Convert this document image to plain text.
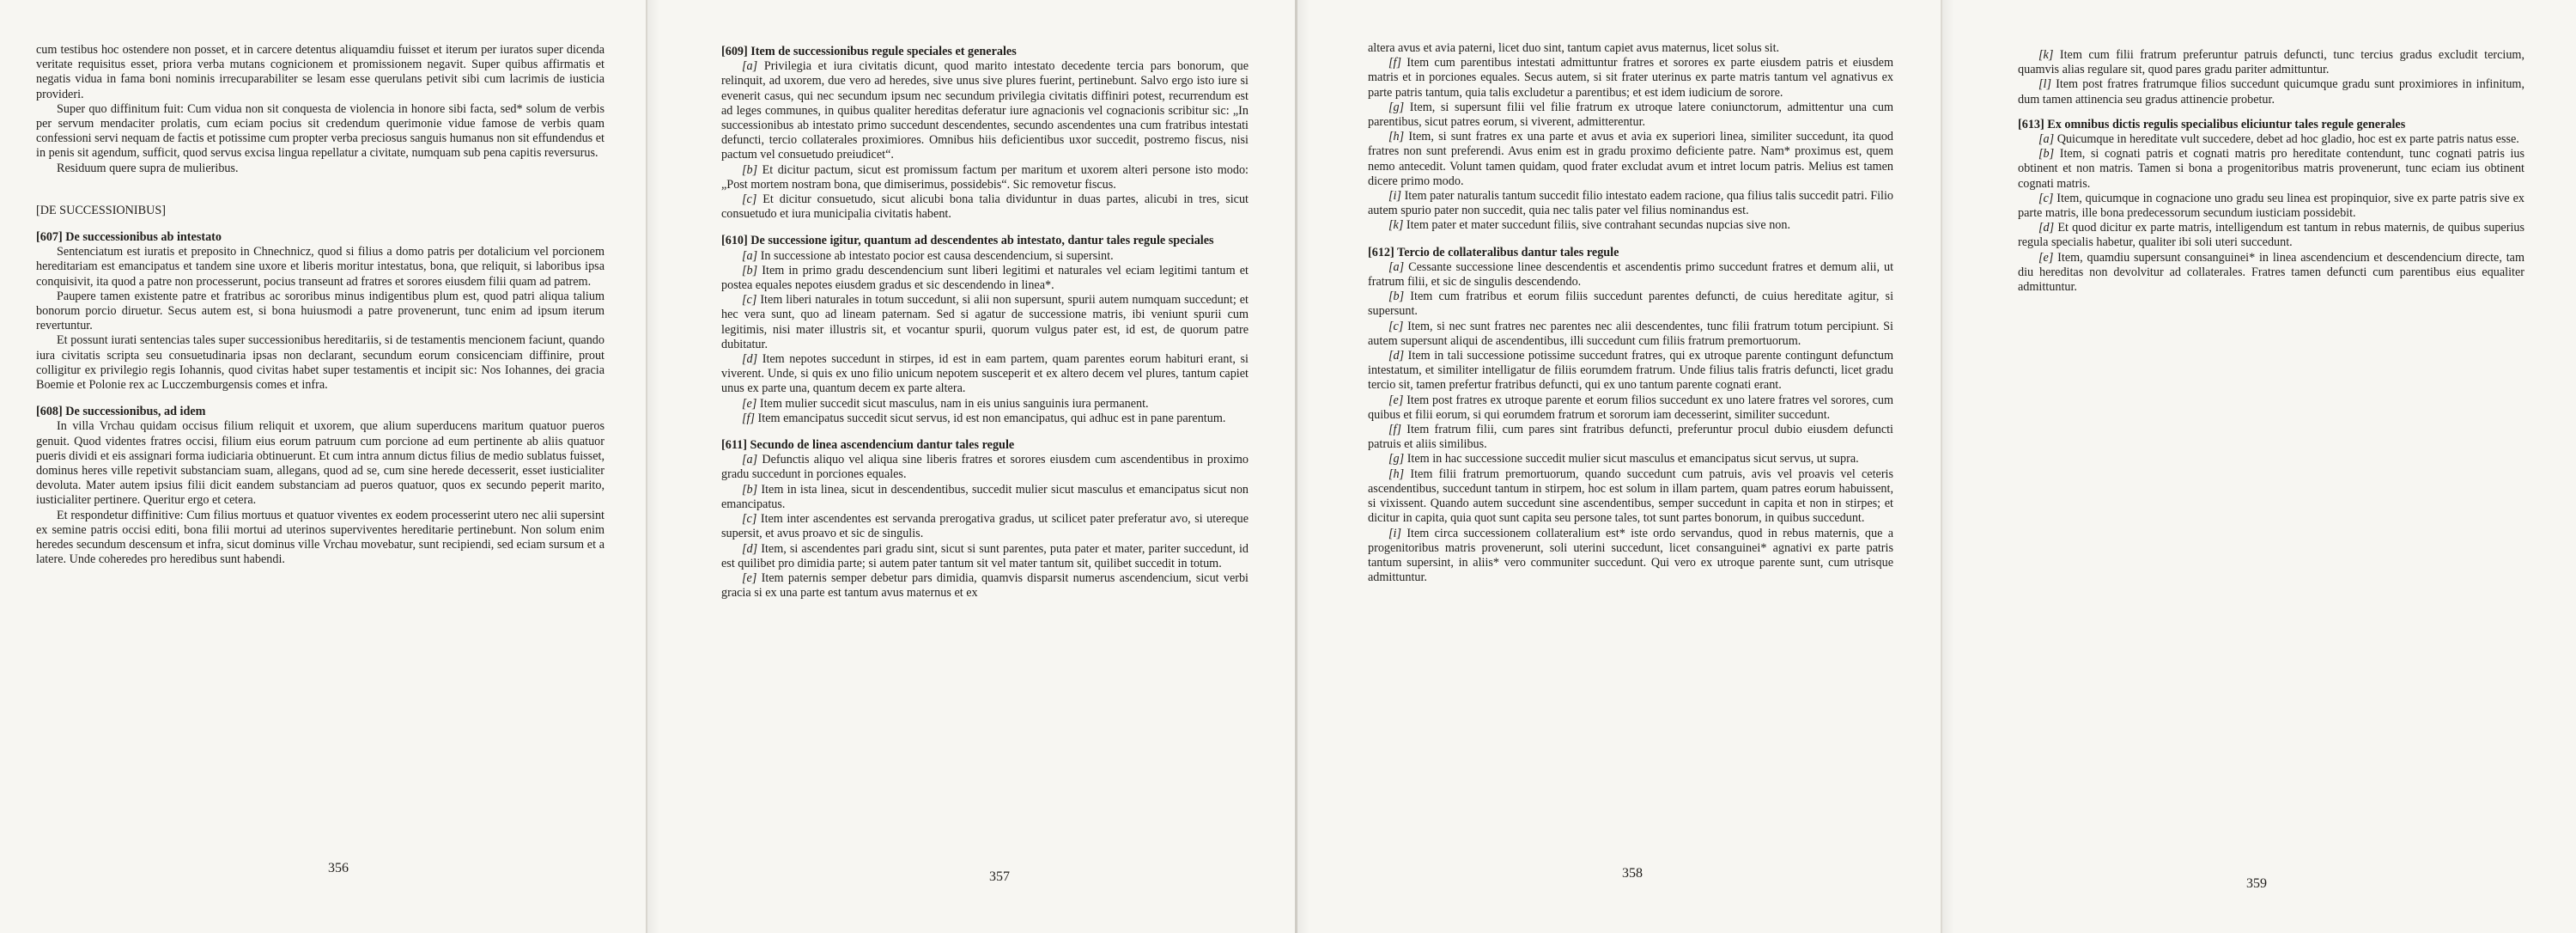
cum testibus hoc ostendere non posset, et in carcere detentus aliquamdiu fuisset et iterum per iuratos super dicenda veritate requisitus esset, priora verba mutans cognicionem et promissionem negavit. Super quibus affirmatis et negatis vidua in fama boni nominis irrecuparabiliter se lesam esse querulans petivit sibi cum lacrimis de iusticia provideri.

Super quo diffinitum fuit: Cum vidua non sit conquesta de violencia in honore sibi facta, sed* solum de verbis per servum mendaciter prolatis, cum eciam pocius sit credendum querimonie vidue famose de verbis quam confessioni servi nequam de factis et potissime cum propter verba preciosus sanguis humanus non sit effundendus et in penis sit agendum, sufficit, quod servus excisa lingua repellatur a civitate, numquam sub pena capitis reversurus.

Residuum quere supra de mulieribus.

[DE SUCCESSIONIBUS]

[607] De successionibus ab intestato

Sentenciatum est iuratis et preposito in Chnechnicz, quod si filius a domo patris per dotalicium vel porcionem hereditariam est emancipatus et tandem sine uxore et liberis moritur intestatus, bona, que reliquit, si laboribus ipsa conquisivit, ita quod a patre non processerunt, pocius transeunt ad fratres et sorores eiusdem filii quam ad patrem.

Paupere tamen existente patre et fratribus ac sororibus minus indigentibus plum est, quod patri aliqua talium bonorum porcio diruetur. Secus autem est, si bona huiusmodi a patre provenerunt, tunc enim ad ipsum iterum revertuntur.

Et possunt iurati sentencias tales super successionibus hereditariis, si de testamentis mencionem faciunt, quando iura civitatis scripta seu consuetudinaria ipsas non declarant, secundum eorum consicenciam diffinire, prout colligitur ex privilegio regis Iohannis, quod civitas habet super testamentis et incipit sic: Nos Iohannes, dei gracia Boemie et Polonie rex ac Lucczemburgensis comes et infra.

[608] De successionibus, ad idem

In villa Vrchau quidam occisus filium reliquit et uxorem, que alium superducens maritum quatuor pueros genuit. Quod videntes fratres occisi, filium eius eorum patruum cum porcione ad eum pertinente ab aliis quatuor pueris dividi et eis assignari forma iudiciaria obtinuerunt. Et cum intra annum dictus filius de medio sublatus fuisset, dominus heres ville repetivit substanciam suam, allegans, quod ad se, cum sine herede decesserit, esset iusticialiter devoluta. Mater autem ipsius filii dicit eandem substanciam ad pueros quatuor, quos ex secundo peperit marito, iusticialiter pertinere. Queritur ergo et cetera.

Et respondetur diffinitive: Cum filius mortuus et quatuor viventes ex eodem processerint utero nec alii supersint ex semine patris occisi editi, bona filii mortui ad uterinos superviventes hereditarie pertinebunt. Non solum enim heredes secundum descensum et infra, sicut dominus ville Vrchau movebatur, sunt recipiendi, sed eciam sursum et a latere. Unde coheredes pro heredibus sunt habendi.

356

[609] Item de successionibus regule speciales et generales

[a] Privilegia et iura civitatis dicunt, quod marito intestato decedente tercia pars bonorum, que relinquit, ad uxorem, due vero ad heredes, sive unus sive plures fuerint, pertinebunt. Salvo ergo isto iure si evenerit casus, qui nec secundum ipsum nec secundum privilegia civitatis diffiniri potest, recurrendum est ad leges communes, in quibus qualiter hereditas deferatur iure agnacionis vel cognacionis scribitur sic: „In successionibus ab intestato primo succedunt descendentes, secundo ascendentes una cum fratribus intestati defuncti, tercio collaterales proximiores. Omnibus hiis deficientibus uxor succedit, postremo fiscus, nisi pactum vel consuetudo preiudicet“.

[b] Et dicitur pactum, sicut est promissum factum per maritum et uxorem alteri persone isto modo: „Post mortem nostram bona, que dimiserimus, possidebis“. Sic removetur fiscus.

[c] Et dicitur consuetudo, sicut alicubi bona talia dividuntur in duas partes, alicubi in tres, sicut consuetudo et iura municipalia civitatis habent.

[610] De successione igitur, quantum ad descendentes ab intestato, dantur tales regule speciales

[a] In successione ab intestato pocior est causa descendencium, si supersint.

[b] Item in primo gradu descendencium sunt liberi legitimi et naturales vel eciam legitimi tantum et postea equales nepotes eiusdem gradus et sic descendendo in linea*.

[c] Item liberi naturales in totum succedunt, si alii non supersunt, spurii autem numquam succedunt; et hec vera sunt, quo ad lineam paternam. Sed si agatur de successione matris, ibi veniunt spurii cum legitimis, nisi mater illustris sit, et vocantur spurii, quorum vulgus pater est, id est, de quorum patre dubitatur.

[d] Item nepotes succedunt in stirpes, id est in eam partem, quam parentes eorum habituri erant, si viverent. Unde, si quis ex uno filio unicum nepotem susceperit et ex altero decem vel plures, tantum capiet unus ex parte una, quantum decem ex parte altera.

[e] Item mulier succedit sicut masculus, nam in eis unius sanguinis iura permanent.

[f] Item emancipatus succedit sicut servus, id est non emancipatus, qui adhuc est in pane parentum.

[611] Secundo de linea ascendencium dantur tales regule

[a] Defunctis aliquo vel aliqua sine liberis fratres et sorores eiusdem cum ascendentibus in proximo gradu succedunt in porciones equales.

[b] Item in ista linea, sicut in descendentibus, succedit mulier sicut masculus et emancipatus sicut non emancipatus.

[c] Item inter ascendentes est servanda prerogativa gradus, ut scilicet pater preferatur avo, si utereque supersit, et avus proavo et sic de singulis.

[d] Item, si ascendentes pari gradu sint, sicut si sunt parentes, puta pater et mater, pariter succedunt, id est quilibet pro dimidia parte; si autem pater tantum sit vel mater tantum sit, quilibet succedit in totum.

[e] Item paternis semper debetur pars dimidia, quamvis disparsit numerus ascendencium, sicut verbi gracia si ex una parte est tantum avus maternus et ex

357

altera avus et avia paterni, licet duo sint, tantum capiet avus maternus, licet solus sit.

[f] Item cum parentibus intestati admittuntur fratres et sorores ex parte eiusdem patris et eiusdem matris et in porciones equales. Secus autem, si sit frater uterinus ex parte matris tantum vel agnativus ex parte patris tantum, quia talis excludetur a parentibus; et est idem iudicium de sorore.

[g] Item, si supersunt filii vel filie fratrum ex utroque latere coniunctorum, admittentur una cum parentibus, sicut patres eorum, si viverent, admitterentur.

[h] Item, si sunt fratres ex una parte et avus et avia ex superiori linea, similiter succedunt, ita quod fratres non sunt preferendi. Avus enim est in gradu proximo deficiente patre. Nam* proximus est, quem nemo antecedit. Volunt tamen quidam, quod frater excludat avum et intret locum patris. Melius est tamen dicere primo modo.

[i] Item pater naturalis tantum succedit filio intestato eadem racione, qua filius talis succedit patri. Filio autem spurio pater non succedit, quia nec talis pater vel filius nominandus est.

[k] Item pater et mater succedunt filiis, sive contrahant secundas nupcias sive non.

[612] Tercio de collateralibus dantur tales regule

[a] Cessante successione linee descendentis et ascendentis primo succedunt fratres et demum alii, ut fratrum filii, et sic de singulis descendendo.

[b] Item cum fratribus et eorum filiis succedunt parentes defuncti, de cuius hereditate agitur, si supersunt.

[c] Item, si nec sunt fratres nec parentes nec alii descendentes, tunc filii fratrum totum percipiunt. Si autem supersunt aliqui de ascendentibus, illi succedunt cum filiis fratrum premortuorum.

[d] Item in tali successione potissime succedunt fratres, qui ex utroque parente contingunt defunctum intestatum, et similiter intelligatur de filiis eorumdem fratrum. Unde filius talis fratris defuncti, licet gradu tercio sit, tamen prefertur fratribus defuncti, qui ex uno tantum parente cognati erant.

[e] Item post fratres ex utroque parente et eorum filios succedunt ex uno latere fratres vel sorores, cum quibus et filii eorum, si qui eorumdem fratrum et sororum iam decesserint, similiter succedunt.

[f] Item fratrum filii, cum pares sint fratribus defuncti, preferuntur procul dubio eiusdem defuncti patruis et aliis similibus.

[g] Item in hac successione succedit mulier sicut masculus et emancipatus sicut servus, ut supra.

[h] Item filii fratrum premortuorum, quando succedunt cum patruis, avis vel proavis vel ceteris ascendentibus, succedunt tantum in stirpem, hoc est solum in illam partem, quam patres eorum habuissent, si vixissent. Quando autem succedunt sine ascendentibus, semper succedunt in capita et non in stirpes; et dicitur in capita, quia quot sunt capita seu persone tales, tot sunt partes bonorum, in quibus succedunt.

[i] Item circa successionem collateralium est* iste ordo servandus, quod in rebus maternis, que a progenitoribus matris provenerunt, soli uterini succedunt, licet consanguinei* agnativi ex parte patris tantum supersint, in aliis* vero communiter succedunt. Qui vero ex utroque parente sunt, cum utrisque admittuntur.

358

[k] Item cum filii fratrum preferuntur patruis defuncti, tunc tercius gradus excludit tercium, quamvis alias regulare sit, quod pares gradu pariter admittuntur.

[l] Item post fratres fratrumque filios succedunt quicumque gradu sunt proximiores in infinitum, dum tamen attinencia seu gradus attinencie probetur.

[613] Ex omnibus dictis regulis specialibus eliciuntur tales regule generales

[a] Quicumque in hereditate vult succedere, debet ad hoc gladio, hoc est ex parte patris natus esse.

[b] Item, si cognati patris et cognati matris pro hereditate contendunt, tunc cognati patris ius obtinent et non matris. Tamen si bona a progenitoribus matris provenerunt, tunc eciam ius obtinent cognati matris.

[c] Item, quicumque in cognacione uno gradu seu linea est propinquior, sive ex parte patris sive ex parte matris, ille bona predecessorum secundum iusticiam possidebit.

[d] Et quod dicitur ex parte matris, intelligendum est tantum in rebus maternis, de quibus superius regula specialis habetur, qualiter ibi soli uteri succedunt.

[e] Item, quamdiu supersunt consanguinei* in linea ascendencium et descendencium directe, tam diu hereditas non devolvitur ad collaterales. Fratres tamen defuncti cum parentibus eius equaliter admittuntur.

359
